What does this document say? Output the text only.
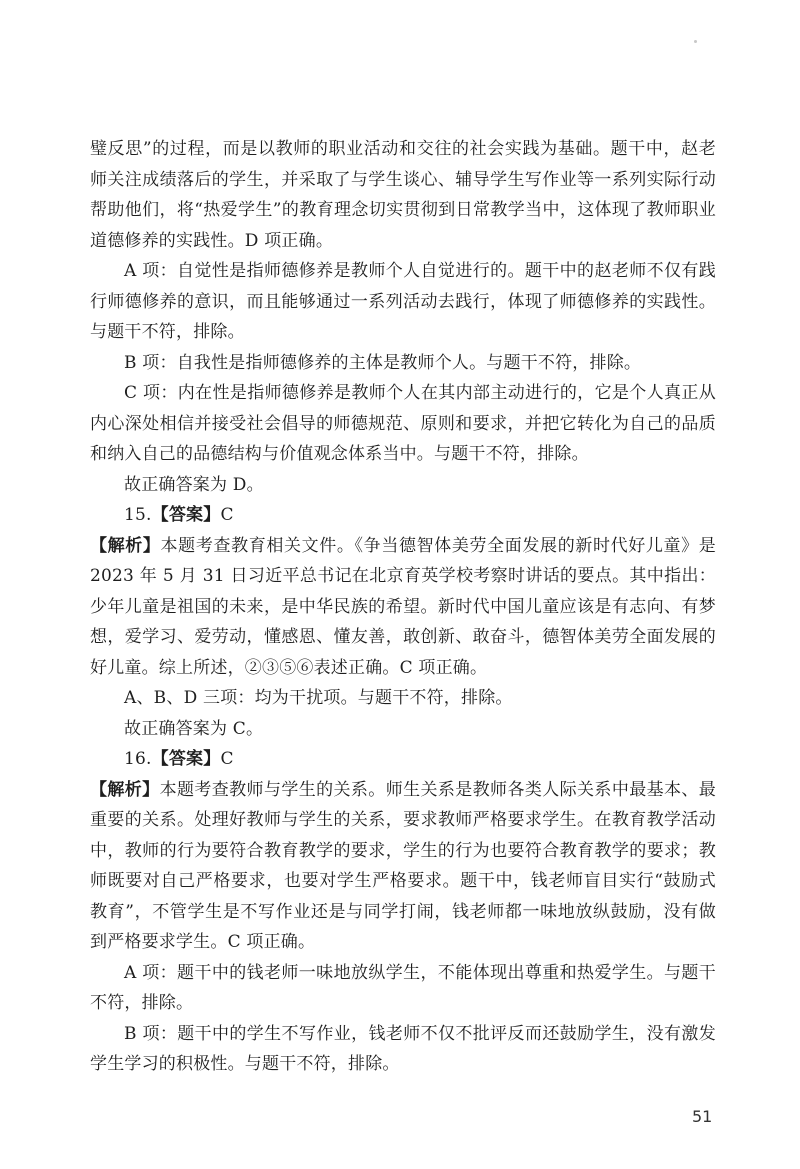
璧反思”的过程，而是以教师的职业活动和交往的社会实践为基础。题干中，赵老师关注成绩落后的学生，并采取了与学生谈心、辅导学生写作业等一系列实际行动帮助他们，将“热爱学生”的教育理念切实贯彻到日常教学当中，这体现了教师职业道德修养的实践性。D 项正确。

A 项：自觉性是指师德修养是教师个人自觉进行的。题干中的赵老师不仅有践行师德修养的意识，而且能够通过一系列活动去践行，体现了师德修养的实践性。与题干不符，排除。

B 项：自我性是指师德修养的主体是教师个人。与题干不符，排除。

C 项：内在性是指师德修养是教师个人在其内部主动进行的，它是个人真正从内心深处相信并接受社会倡导的师德规范、原则和要求，并把它转化为自己的品质和纳入自己的品德结构与价值观念体系当中。与题干不符，排除。

故正确答案为 D。

15.【答案】C

【解析】本题考查教育相关文件。《争当德智体美劳全面发展的新时代好儿童》是2023 年 5 月 31 日习近平总书记在北京育英学校考察时讲话的要点。其中指出：少年儿童是祖国的未来，是中华民族的希望。新时代中国儿童应该是有志向、有梦想，爱学习、爱劳动，懂感恩、懂友善，敢创新、敢奋斗，德智体美劳全面发展的好儿童。综上所述，②③⑤⑥表述正确。C 项正确。

A、B、D 三项：均为干扰项。与题干不符，排除。

故正确答案为 C。

16.【答案】C

【解析】本题考查教师与学生的关系。师生关系是教师各类人际关系中最基本、最重要的关系。处理好教师与学生的关系，要求教师严格要求学生。在教育教学活动中，教师的行为要符合教育教学的要求，学生的行为也要符合教育教学的要求；教师既要对自己严格要求，也要对学生严格要求。题干中，钱老师盲目实行“鼓励式教育”，不管学生是不写作业还是与同学打闹，钱老师都一味地放纵鼓励，没有做到严格要求学生。C 项正确。

A 项：题干中的钱老师一味地放纵学生，不能体现出尊重和热爱学生。与题干不符，排除。

B 项：题干中的学生不写作业，钱老师不仅不批评反而还鼓励学生，没有激发学生学习的积极性。与题干不符，排除。

51
